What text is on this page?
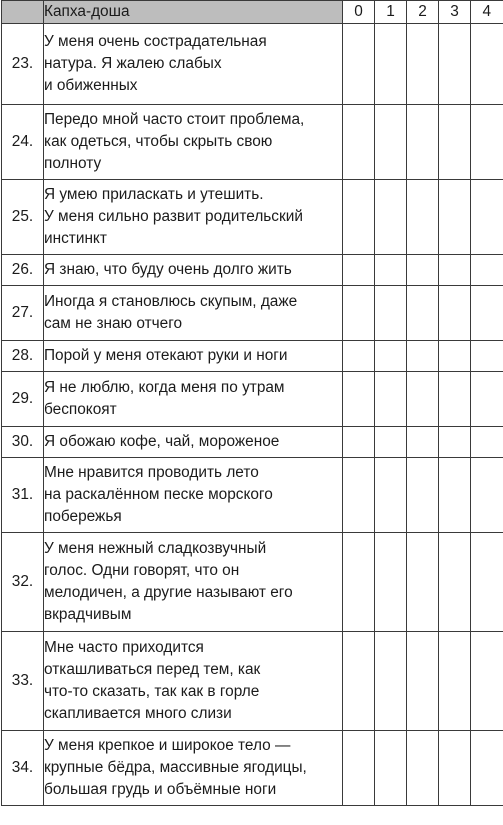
	Капха-доша	0	1	2	3	4
23.	У меня очень сострадательная
натура. Я жалею слабых
и обиженных					
24.	Передо мной часто стоит проблема,
как одеться, чтобы скрыть свою
полноту					
25.	Я умею приласкать и утешить.
У меня сильно развит родительский
инстинкт					
26.	Я знаю, что буду очень долго жить					
27.	Иногда я становлюсь скупым, даже
сам не знаю отчего					
28.	Порой у меня отекают руки и ноги					
29.	Я не люблю, когда меня по утрам
беспокоят					
30.	Я обожаю кофе, чай, мороженое					
31.	Мне нравится проводить лето
на раскалённом песке морского
побережья					
32.	У меня нежный сладкозвучный
голос. Одни говорят, что он
мелодичен, а другие называют его
вкрадчивым					
33.	Мне часто приходится
откашливаться перед тем, как
что-то сказать, так как в горле
скапливается много слизи					
34.	У меня крепкое и широкое тело —
крупные бёдра, массивные ягодицы,
большая грудь и объёмные ноги					
